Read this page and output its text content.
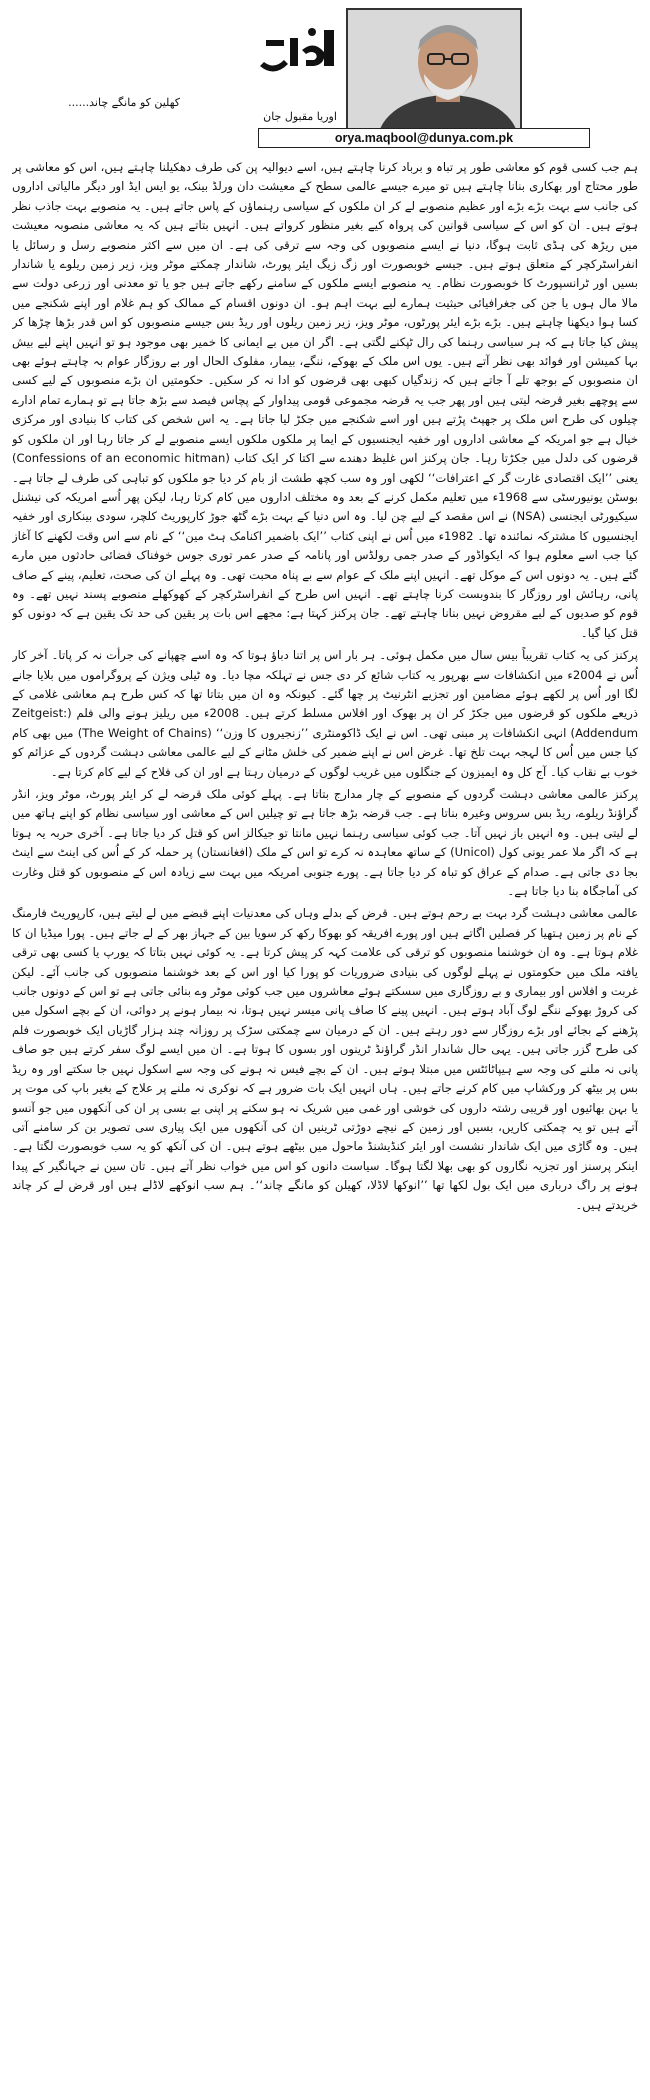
کھلین کو مانگے چاند......
اوریا مقبول جان
orya.maqbool@dunya.com.pk

ہم جب کسی قوم کو معاشی طور پر تباہ و برباد کرنا چاہتے ہیں، اسے دیوالیہ پن کی طرف دھکیلنا چاہتے ہیں، اس کو معاشی پر طور محتاج اور بھکاری بنانا چاہتے ہیں تو میرے جیسے عالمی سطح کے معیشت دان ورلڈ بینک، یو ایس ایڈ اور دیگر مالیاتی اداروں کی جانب سے بہت بڑے بڑے اور عظیم منصوبے لے کر ان ملکوں کے سیاسی رہنماؤں کے پاس جاتے ہیں۔ یہ منصوبے بہت جاذب نظر ہوتے ہیں۔ ان کو اس کے سیاسی قوانین کی پرواہ کیے بغیر منظور کرواتے ہیں۔ انہیں بتاتے ہیں کہ یہ معاشی منصوبہ معیشت میں ریڑھ کی ہڈی ثابت ہوگا، دنیا نے ایسے منصوبوں کی وجہ سے ترقی کی ہے۔ ان میں سے اکثر منصوبے رسل و رسائل یا انفراسٹرکچر کے متعلق ہوتے ہیں۔ جیسے خوبصورت اور زگ زیگ ایئر پورٹ، شاندار چمکتے موٹر ویز، زیر زمین ریلوے یا شاندار بسیں اور ٹرانسپورٹ کا خوبصورت نظام۔ یہ منصوبے ایسے ملکوں کے سامنے رکھے جاتے ہیں جو یا تو معدنی اور زرعی دولت سے مالا مال ہوں یا جن کی جغرافیائی حیثیت ہمارے لیے بہت اہم ہو۔ ان دونوں اقسام کے ممالک کو ہم غلام اور اپنے شکنجے میں کسا ہوا دیکھنا چاہتے ہیں۔ بڑے بڑے ایئر پورٹوں، موٹر ویز، زیر زمین ریلوں اور ریڈ بس جیسے منصوبوں کو اس قدر بڑھا چڑھا کر پیش کیا جاتا ہے کہ ہر سیاسی رہنما کی رال ٹپکنے لگتی ہے۔ اگر ان میں بے ایمانی کا خمیر بھی موجود ہو تو انہیں اپنے لیے بیش بہا کمیشن اور فوائد بھی نظر آتے ہیں۔ یوں اس ملک کے بھوکے، ننگے، بیمار، مفلوک الحال اور بے روزگار عوام بہ چاہتے ہوئے بھی ان منصوبوں کے بوجھ تلے آ جاتے ہیں کہ زندگیاں کبھی بھی قرضوں کو ادا نہ کر سکیں۔ حکومتیں ان بڑے منصوبوں کے لیے کسی سے پوچھے بغیر قرضہ لیتی ہیں اور پھر جب یہ قرضہ مجموعی قومی پیداوار کے پچاس فیصد سے بڑھ جاتا ہے تو ہمارے تمام ادارے چیلوں کی طرح اس ملک پر جھپٹ پڑتے ہیں اور اسے شکنجے میں جکڑ لیا جاتا ہے۔ یہ اس شخص کی کتاب کا بنیادی اور مرکزی خیال ہے جو امریکہ کے معاشی اداروں اور خفیہ ایجنسیوں کے ایما پر ملکوں ملکوں ایسے منصوبے لے کر جاتا رہا اور ان ملکوں کو قرضوں کی دلدل میں جکڑتا رہا۔ جان پرکنز اس غلیظ دھندے سے اکتا کر ایک کتاب (Confessions of an economic hitman) یعنی ’’ایک اقتصادی غارت گر کے اعترافات‘‘ لکھی اور وہ سب کچھ طشت از بام کر دیا جو ملکوں کو تباہی کی طرف لے جاتا ہے۔ بوسٹن یونیورسٹی سے 1968ء میں تعلیم مکمل کرنے کے بعد وہ مختلف اداروں میں کام کرتا رہا، لیکن پھر اُسے امریکہ کی نیشنل سیکیورٹی ایجنسی (NSA) نے اس مقصد کے لیے چن لیا۔ وہ اس دنیا کے بہت بڑے گٹھ جوڑ کارپوریٹ کلچر، سودی بینکاری اور خفیہ ایجنسیوں کا مشترکہ نمائندہ تھا۔ 1982ء میں اُس نے اپنی کتاب ’’ایک باضمیر اکنامک ہٹ مین‘‘ کے نام سے اس وقت لکھنے کا آغاز کیا جب اسے معلوم ہوا کہ ایکواڈور کے صدر جمی رولڈس اور پانامہ کے صدر عمر توری جوس خوفناک فضائی حادثوں میں مارے گئے ہیں۔ یہ دونوں اس کے موکل تھے۔ انہیں اپنے ملک کے عوام سے بے پناہ محبت تھی۔ وہ پہلے ان کی صحت، تعلیم، پینے کے صاف پانی، رہائش اور روزگار کا بندوبست کرنا چاہتے تھے۔ انہیں اس طرح کے انفراسٹرکچر کے کھوکھلے منصوبے پسند نہیں تھے۔ وہ قوم کو صدیوں کے لیے مقروض نہیں بنانا چاہتے تھے۔ جان پرکنز کہتا ہے: مجھے اس بات پر یقین کی حد تک یقین ہے کہ دونوں کو قتل کیا گیا۔

پرکنز کی یہ کتاب تقریباً بیس سال میں مکمل ہوئی۔ ہر بار اس پر اتنا دباؤ ہوتا کہ وہ اسے چھپانے کی جرأت نہ کر پاتا۔ آخر کار اُس نے 2004ء میں انکشافات سے بھرپور یہ کتاب شائع کر دی جس نے تہلکہ مچا دیا۔ وہ ٹیلی ویژن کے پروگراموں میں بلایا جانے لگا اور اُس پر لکھے ہوئے مضامین اور تجزیے انٹرنیٹ پر چھا گئے۔ کیونکہ وہ ان میں بتاتا تھا کہ کس طرح ہم معاشی غلامی کے ذریعے ملکوں کو قرضوں میں جکڑ کر ان پر بھوک اور افلاس مسلط کرتے ہیں۔ 2008ء میں ریلیز ہونے والی فلم (Zeitgeist: Addendum) انہی انکشافات پر مبنی تھی۔ اس نے ایک ڈاکومنٹری ’’زنجیروں کا وزن‘‘ (The Weight of Chains) میں بھی کام کیا جس میں اُس کا لہجہ بہت تلخ تھا۔ غرض اس نے اپنے ضمیر کی خلش مٹانے کے لیے عالمی معاشی دہشت گردوں کے عزائم کو خوب بے نقاب کیا۔ آج کل وہ ایمیزون کے جنگلوں میں غریب لوگوں کے درمیان رہتا ہے اور ان کی فلاح کے لیے کام کرتا ہے۔

پرکنز عالمی معاشی دہشت گردوں کے منصوبے کے چار مدارج بتاتا ہے۔ پہلے کوئی ملک قرضہ لے کر ایئر پورٹ، موٹر ویز، انڈر گراؤنڈ ریلوے، ریڈ بس سروس وغیرہ بناتا ہے۔ جب قرضہ بڑھ جاتا ہے تو چیلیں اس کے معاشی اور سیاسی نظام کو اپنے ہاتھ میں لے لیتی ہیں۔ وہ انہیں باز نہیں آتا۔ جب کوئی سیاسی رہنما نہیں مانتا تو جیکالز اس کو قتل کر دیا جاتا ہے۔ آخری حربہ یہ ہوتا ہے کہ اگر ملا عمر یونی کول (Unicol) کے ساتھ معاہدہ نہ کرے تو اس کے ملک (افغانستان) پر حملہ کر کے اُس کی اینٹ سے اینٹ بجا دی جاتی ہے۔ صدام کے عراق کو تباہ کر دیا جاتا ہے۔ پورے جنوبی امریکہ میں بہت سے زیادہ اس کے منصوبوں کو قتل وغارت کی آماجگاہ بنا دیا جاتا ہے۔

عالمی معاشی دہشت گرد بہت بے رحم ہوتے ہیں۔ قرض کے بدلے وہاں کی معدنیات اپنے قبضے میں لے لیتے ہیں، کارپوریٹ فارمنگ کے نام پر زمین ہتھیا کر فصلیں اگاتے ہیں اور پورے افریقہ کو بھوکا رکھ کر سویا بین کے جہاز بھر کے لے جاتے ہیں۔ پورا میڈیا ان کا غلام ہوتا ہے۔ وہ ان خوشنما منصوبوں کو ترقی کی علامت کہہ کر پیش کرتا ہے۔ یہ کوئی نہیں بتاتا کہ یورپ یا کسی بھی ترقی یافتہ ملک میں حکومتوں نے پہلے لوگوں کی بنیادی ضروریات کو پورا کیا اور اس کے بعد خوشنما منصوبوں کی جانب آئے۔ لیکن غربت و افلاس اور بیماری و بے روزگاری میں سسکتے ہوئے معاشروں میں جب کوئی موٹر وے بنائی جاتی ہے تو اس کے دونوں جانب کی کروڑ بھوکے ننگے لوگ آباد ہوتے ہیں۔ انہیں پینے کا صاف پانی میسر نہیں ہوتا، نہ بیمار ہونے پر دوائی، ان کے بچے اسکول میں پڑھنے کے بجائے اور بڑے روزگار سے دور رہتے ہیں۔ ان کے درمیان سے چمکتی سڑک پر روزانہ چند ہزار گاڑیاں ایک خوبصورت فلم کی طرح گزر جاتی ہیں۔ یہی حال شاندار انڈر گراؤنڈ ٹرینوں اور بسوں کا ہوتا ہے۔ ان میں ایسے لوگ سفر کرتے ہیں جو صاف پانی نہ ملنے کی وجہ سے ہیپاٹائٹس میں مبتلا ہوتے ہیں۔ ان کے بچے فیس نہ ہونے کی وجہ سے اسکول نہیں جا سکتے اور وہ ریڈ بس پر بیٹھ کر ورکشاپ میں کام کرنے جاتے ہیں۔ ہاں انہیں ایک بات ضرور ہے کہ نوکری نہ ملنے پر علاج کے بغیر باپ کی موت پر یا بہن بھائیوں اور قریبی رشتہ داروں کی خوشی اور غمی میں شریک نہ ہو سکنے پر اپنی بے بسی پر ان کی آنکھوں میں جو آنسو آتے ہیں تو یہ چمکتی کاریں، بسیں اور زمین کے نیچے دوڑتی ٹرینیں ان کی آنکھوں میں ایک پیاری سی تصویر بن کر سامنے آتی ہیں۔ وہ گاڑی میں ایک شاندار نشست اور ایئر کنڈیشنڈ ماحول میں بیٹھے ہوتے ہیں۔ ان کی آنکھ کو یہ سب خوبصورت لگتا ہے۔ اینکر پرسنز اور تجزیہ نگاروں کو بھی بھلا لگتا ہوگا۔ سیاست دانوں کو اس میں خواب نظر آتے ہیں۔ تان سین نے جہانگیر کے پیدا ہونے پر راگ درباری میں ایک بول لکھا تھا ’’انوکھا لاڈلا، کھیلن کو مانگے چاند‘‘۔ ہم سب انوکھے لاڈلے ہیں اور قرض لے کر چاند خریدتے ہیں۔
